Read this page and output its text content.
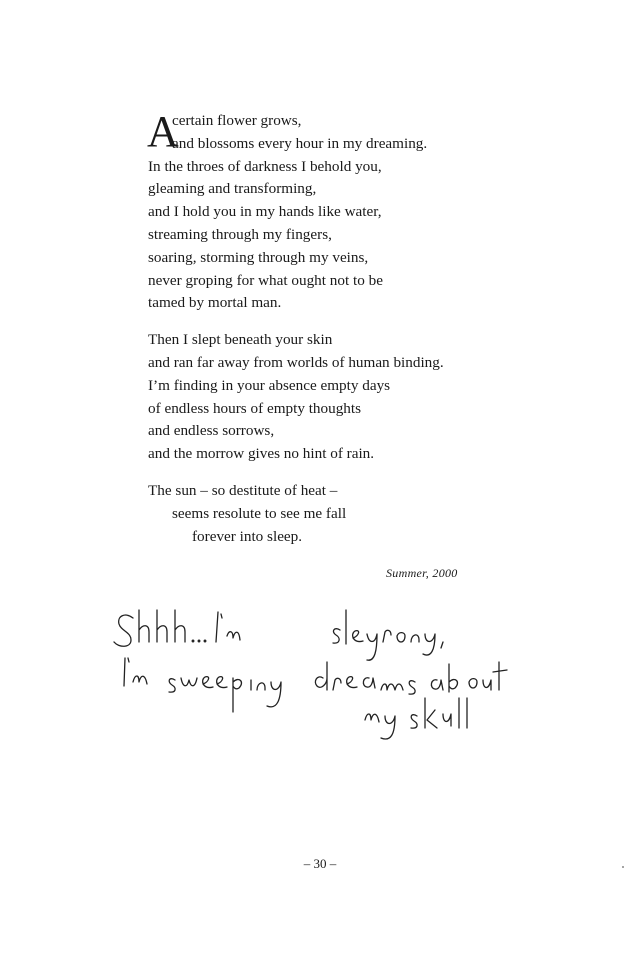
A
certain flower grows,
and blossoms every hour in my dreaming.
In the throes of darkness I behold you,
gleaming and transforming,
and I hold you in my hands like water,
streaming through my fingers,
soaring, storming through my veins,
never groping for what ought not to be
tamed by mortal man.
Then I slept beneath your skin
and ran far away from worlds of human binding.
I’m finding in your absence empty days
of endless hours of empty thoughts
and endless sorrows,
and the morrow gives no hint of rain.
The sun – so destitute of heat –
seems resolute to see me fall
forever into sleep.
Summer, 2000
– 30 –
